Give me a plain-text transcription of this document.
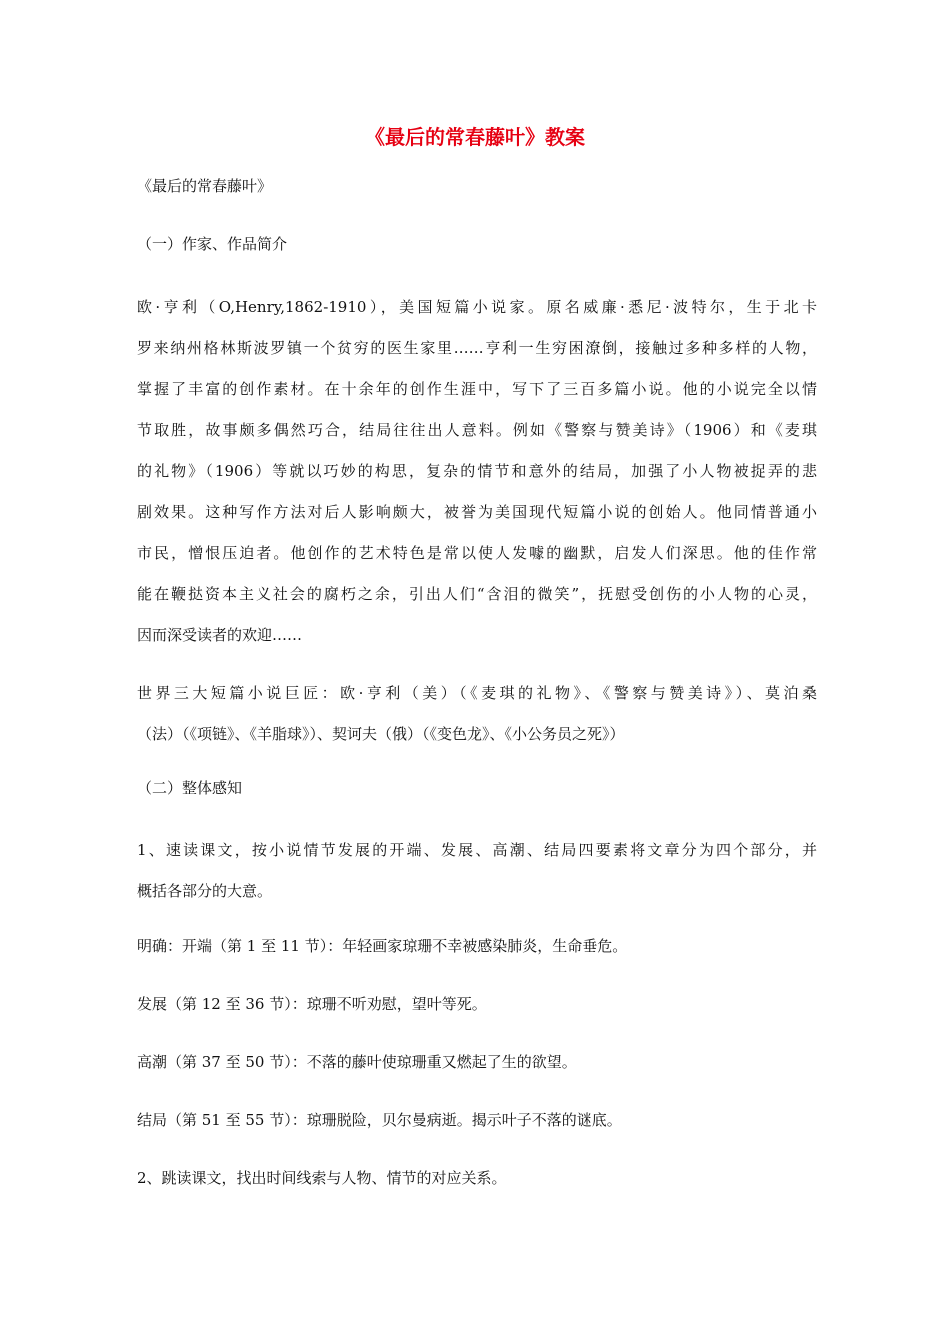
《最后的常春藤叶》教案

《最后的常春藤叶》

（一）作家、作品简介

欧·亨利（O,Henry,1862-1910），美国短篇小说家。原名威廉·悉尼·波特尔，生于北卡
罗来纳州格林斯波罗镇一个贫穷的医生家里……亨利一生穷困潦倒，接触过多种多样的人物，
掌握了丰富的创作素材。在十余年的创作生涯中，写下了三百多篇小说。他的小说完全以情
节取胜，故事颇多偶然巧合，结局往往出人意料。例如《警察与赞美诗》（1906）和《麦琪
的礼物》（1906）等就以巧妙的构思，复杂的情节和意外的结局，加强了小人物被捉弄的悲
剧效果。这种写作方法对后人影响颇大，被誉为美国现代短篇小说的创始人。他同情普通小
市民，憎恨压迫者。他创作的艺术特色是常以使人发噱的幽默，启发人们深思。他的佳作常
能在鞭挞资本主义社会的腐朽之余，引出人们“含泪的微笑”，抚慰受创伤的小人物的心灵，
因而深受读者的欢迎……
世界三大短篇小说巨匠：欧·亨利（美）（《麦琪的礼物》、《警察与赞美诗》）、莫泊桑
（法）（《项链》、《羊脂球》）、契诃夫（俄）（《变色龙》、《小公务员之死》）

（二）整体感知

1、速读课文，按小说情节发展的开端、发展、高潮、结局四要素将文章分为四个部分，并
概括各部分的大意。

明确：开端（第 1 至 11 节）：年轻画家琼珊不幸被感染肺炎，生命垂危。

发展（第 12 至 36 节）：琼珊不听劝慰，望叶等死。

高潮（第 37 至 50 节）：不落的藤叶使琼珊重又燃起了生的欲望。

结局（第 51 至 55 节）：琼珊脱险，贝尔曼病逝。揭示叶子不落的谜底。

2、跳读课文，找出时间线索与人物、情节的对应关系。
